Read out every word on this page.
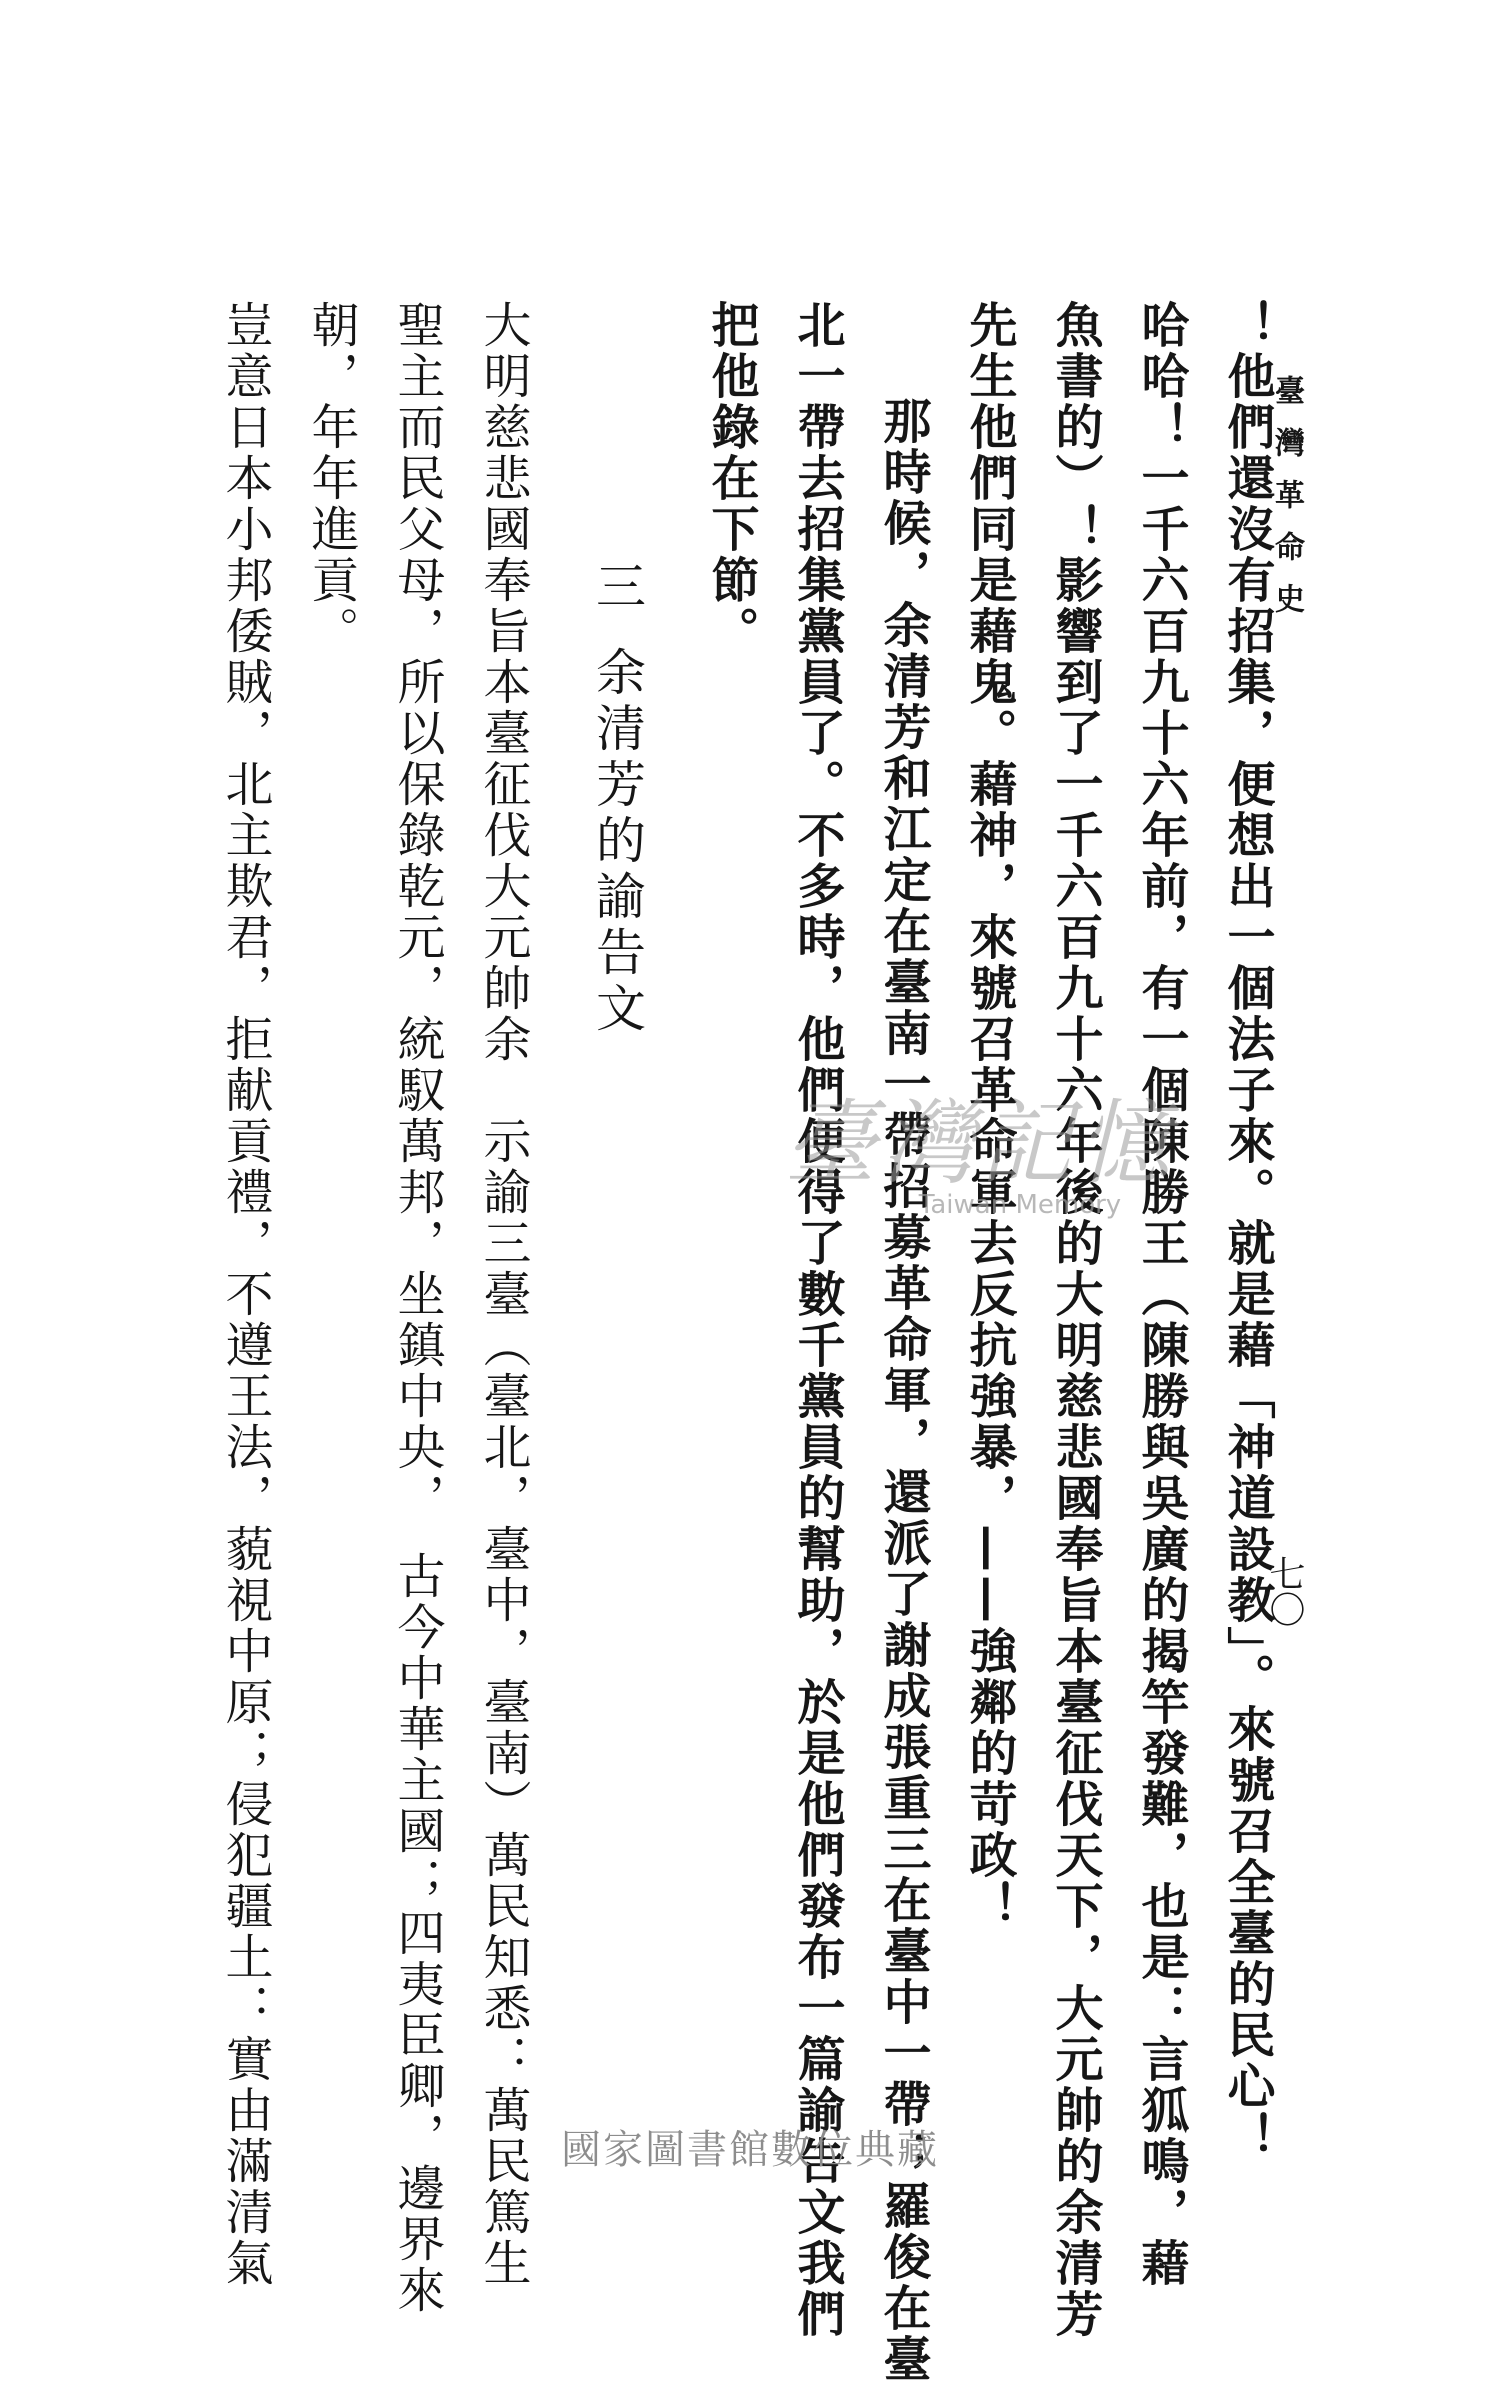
臺灣革命史
七〇
！他們還沒有招集，便想出一個法子來。就是藉「神道設教」。來號召全臺的民心！
哈哈！一千六百九十六年前，有一個陳勝王（陳勝與吳廣的揭竿發難，也是：言狐鳴，藉
魚書的）！影響到了一千六百九十六年後的大明慈悲國奉旨本臺征伐天下，大元帥的余清芳
先生他們同是藉鬼。藉神，來號召革命軍去反抗強暴，——強鄰的苛政！
那時候，余清芳和江定在臺南一帶招募革命軍，還派了謝成張重三在臺中一帶；羅俊在臺
北一帶去招集黨員了。不多時，他們便得了數千黨員的幫助，於是他們發布一篇諭告文我們
把他錄在下節。
三余清芳的諭告文
大明慈悲國奉旨本臺征伐大元帥余　示諭三臺（臺北，臺中，臺南）萬民知悉：萬民篤生
聖主而民父母，所以保錄乾元，統馭萬邦，坐鎮中央，　古今中華主國；四夷臣卿，邊界來
朝，年年進貢。
豈意日本小邦倭賊，北主欺君，拒献貢禮，不遵王法，藐視中原；侵犯疆土：實由滿清氣	臺灣記憶
Taiwan Memory
國家圖書館數位典藏
